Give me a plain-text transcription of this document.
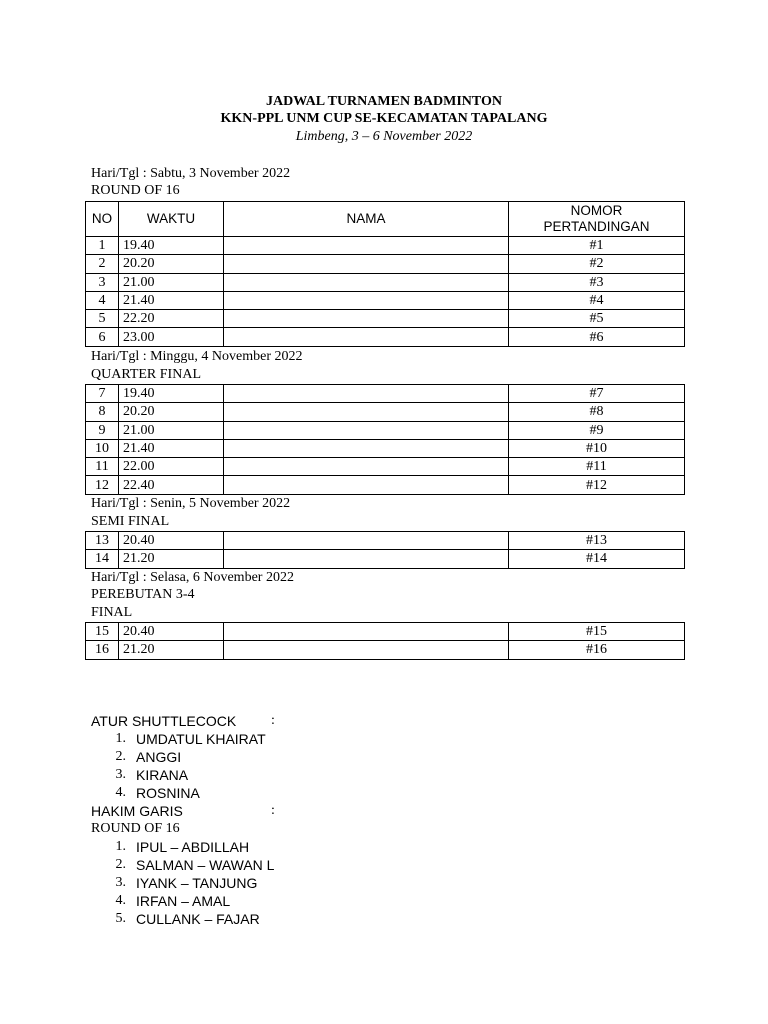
JADWAL TURNAMEN BADMINTON
KKN-PPL UNM CUP SE-KECAMATAN TAPALANG
Limbeng, 3 – 6 November 2022
Hari/Tgl : Sabtu, 3 November 2022
ROUND OF 16
NO	WAKTU	NAMA	NOMOR
PERTANDINGAN

1	19.40		#1
2	20.20		#2
3	21.00		#3
4	21.40		#4
5	22.20		#5
6	23.00		#6
Hari/Tgl : Minggu, 4 November 2022
QUARTER FINAL
7	19.40		#7
8	20.20		#8
9	21.00		#9
10	21.40		#10
11	22.00		#11
12	22.40		#12
Hari/Tgl : Senin, 5 November 2022
SEMI FINAL
13	20.40		#13
14	21.20		#14
Hari/Tgl : Selasa, 6 November 2022
PEREBUTAN 3-4
FINAL
15	20.40		#15
16	21.20		#16
ATUR SHUTTLECOCK :
1. UMDATUL KHAIRAT
2. ANGGI
3. KIRANA
4. ROSNINA
HAKIM GARIS	:
ROUND OF 16
1. IPUL – ABDILLAH
2. SALMAN – WAWAN L
3. IYANK – TANJUNG
4. IRFAN – AMAL
5. CULLANK – FAJAR
